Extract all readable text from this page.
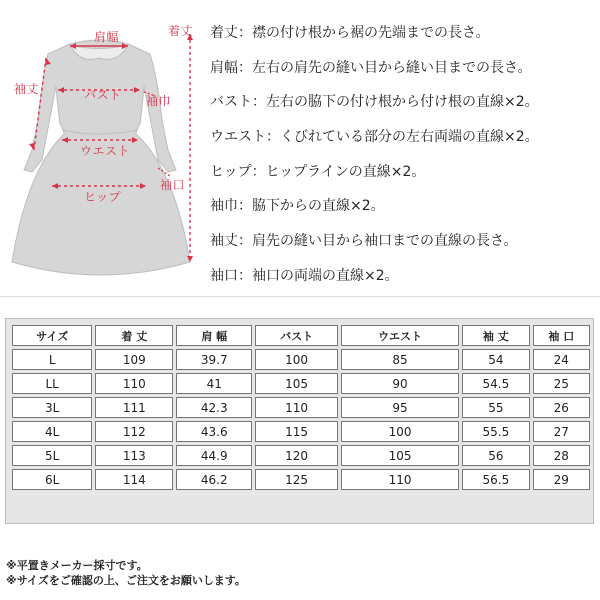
肩幅	着丈
袖丈	バスト 袖巾
ウエスト
袖口
ヒップ
着丈：襟の付け根から裾の先端までの長さ。
肩幅：左右の肩先の縫い目から縫い目までの長さ。
バスト：左右の脇下の付け根から付け根の直線×2。
ウエスト：くびれている部分の左右両端の直線×2。
ヒップ：ヒップラインの直線×2。
袖巾：脇下からの直線×2。
袖丈：肩先の縫い目から袖口までの直線の長さ。
袖口：袖口の両端の直線×2。
サイズ	着 丈	肩 幅	バスト	ウエスト	袖 丈	袖 口
L	109	39.7	100	85	54	24
LL	110	41	105	90	54.5	25
3L	111	42.3	110	95	55	26
4L	112	43.6	115	100	55.5	27
5L	113	44.9	120	105	56	28
6L	114	46.2	125	110	56.5	29
※平置きメーカー採寸です。
※サイズをご確認の上、ご注文をお願いします。
